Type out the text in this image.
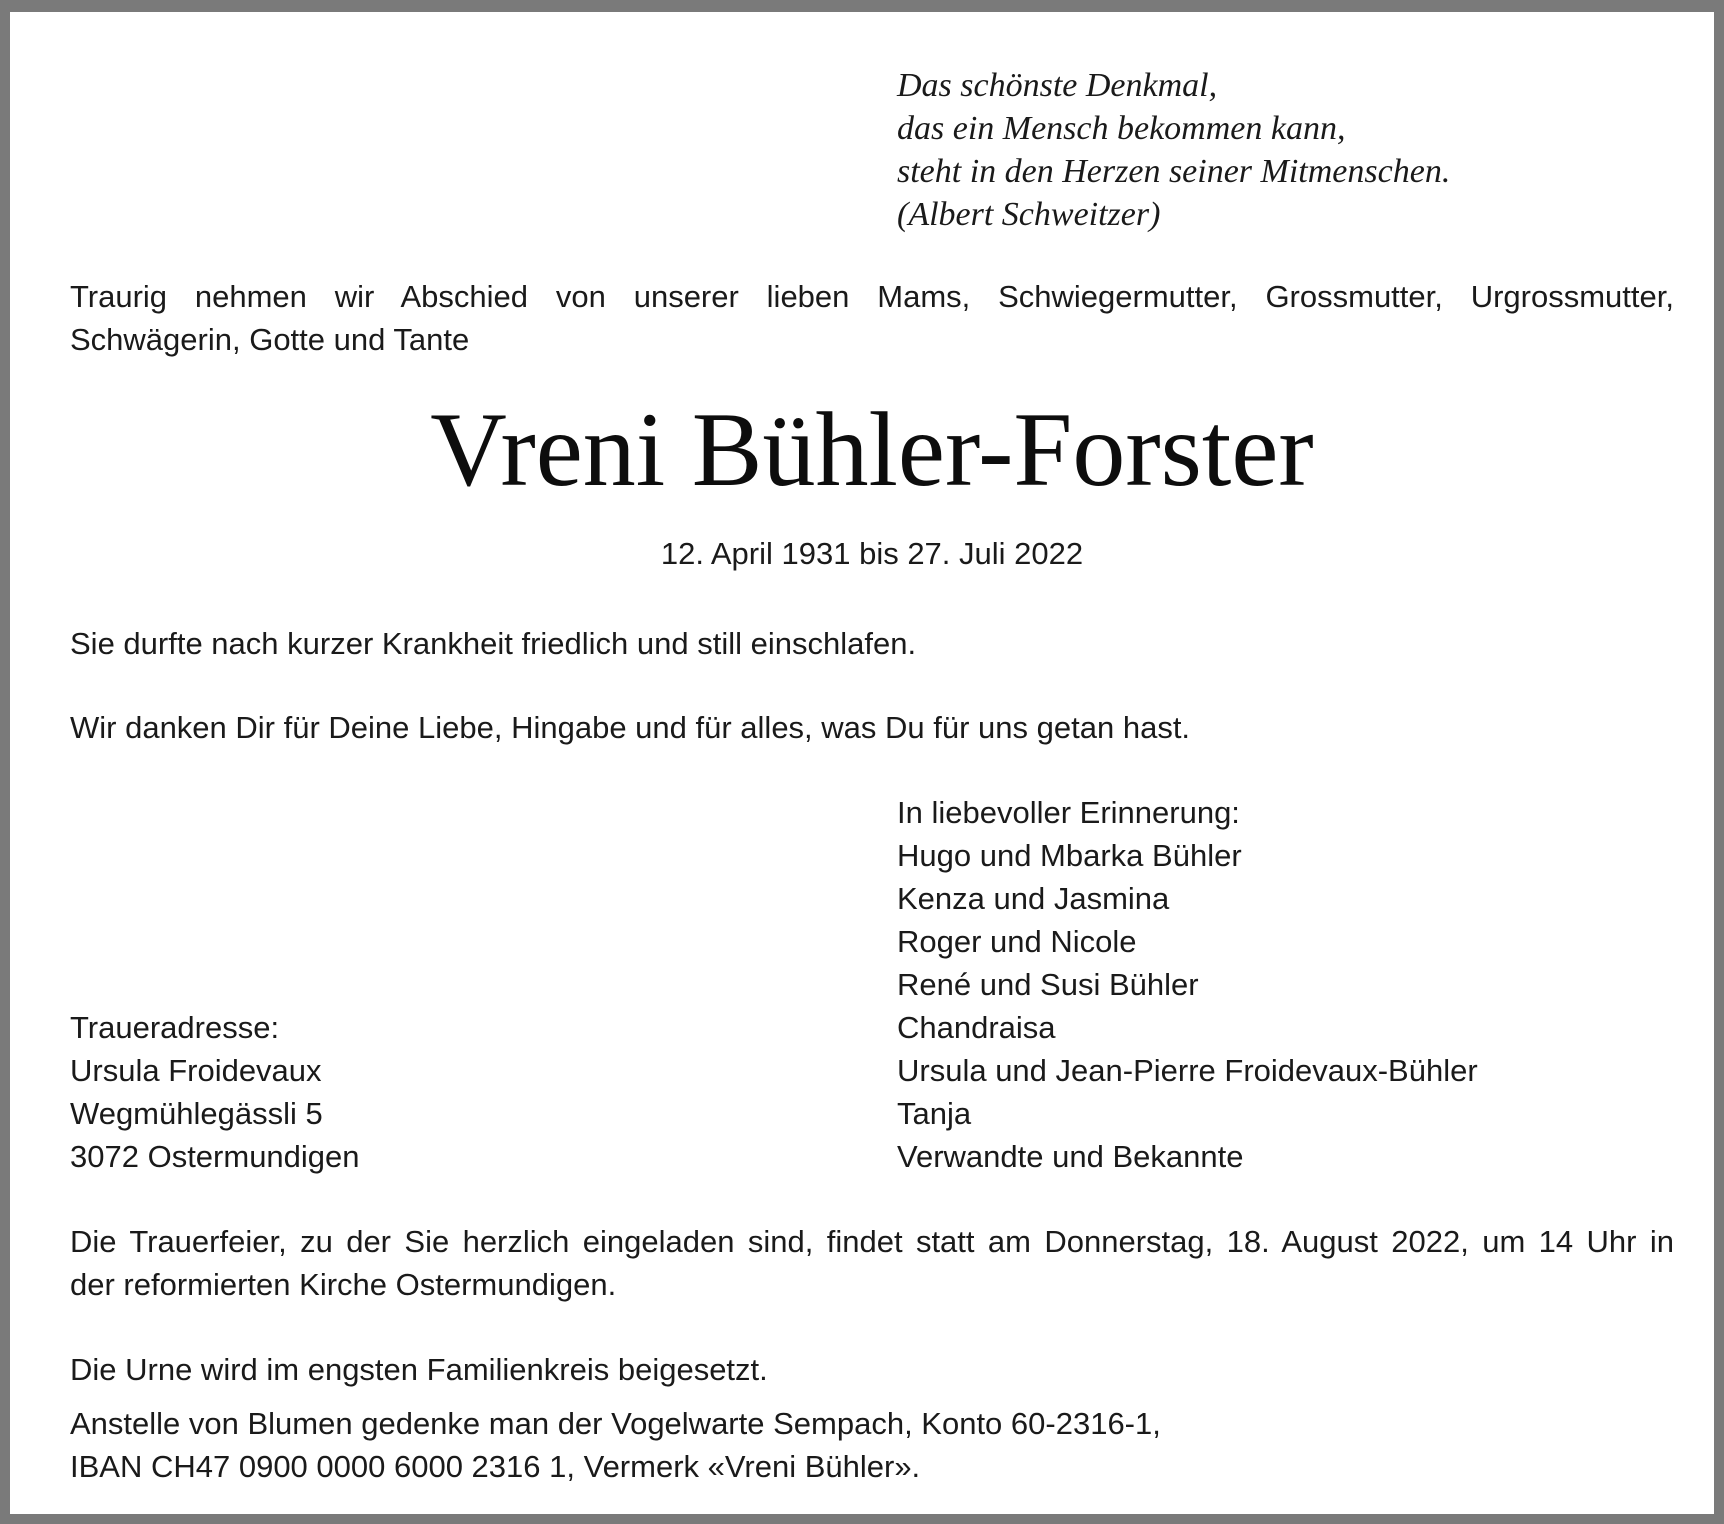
Das schönste Denkmal,
das ein Mensch bekommen kann,
steht in den Herzen seiner Mitmenschen.
(Albert Schweitzer)
Traurig nehmen wir Abschied von unserer lieben Mams, Schwiegermutter, Grossmutter, Urgrossmutter,
Schwägerin, Gotte und Tante
Vreni Bühler-Forster
12. April 1931 bis 27. Juli 2022
Sie durfte nach kurzer Krankheit friedlich und still einschlafen.
Wir danken Dir für Deine Liebe, Hingabe und für alles, was Du für uns getan hast.
In liebevoller Erinnerung:
Hugo und Mbarka Bühler
Kenza und Jasmina
Roger und Nicole
René und Susi Bühler
Chandraisa
Ursula und Jean-Pierre Froidevaux-Bühler
Tanja
Verwandte und Bekannte
Traueradresse:
Ursula Froidevaux
Wegmühlegässli 5
3072 Ostermundigen
Die Trauerfeier, zu der Sie herzlich eingeladen sind, findet statt am Donnerstag, 18. August 2022, um 14 Uhr in
der reformierten Kirche Ostermundigen.
Die Urne wird im engsten Familienkreis beigesetzt.
Anstelle von Blumen gedenke man der Vogelwarte Sempach, Konto 60-2316-1,
IBAN CH47 0900 0000 6000 2316 1, Vermerk «Vreni Bühler».
